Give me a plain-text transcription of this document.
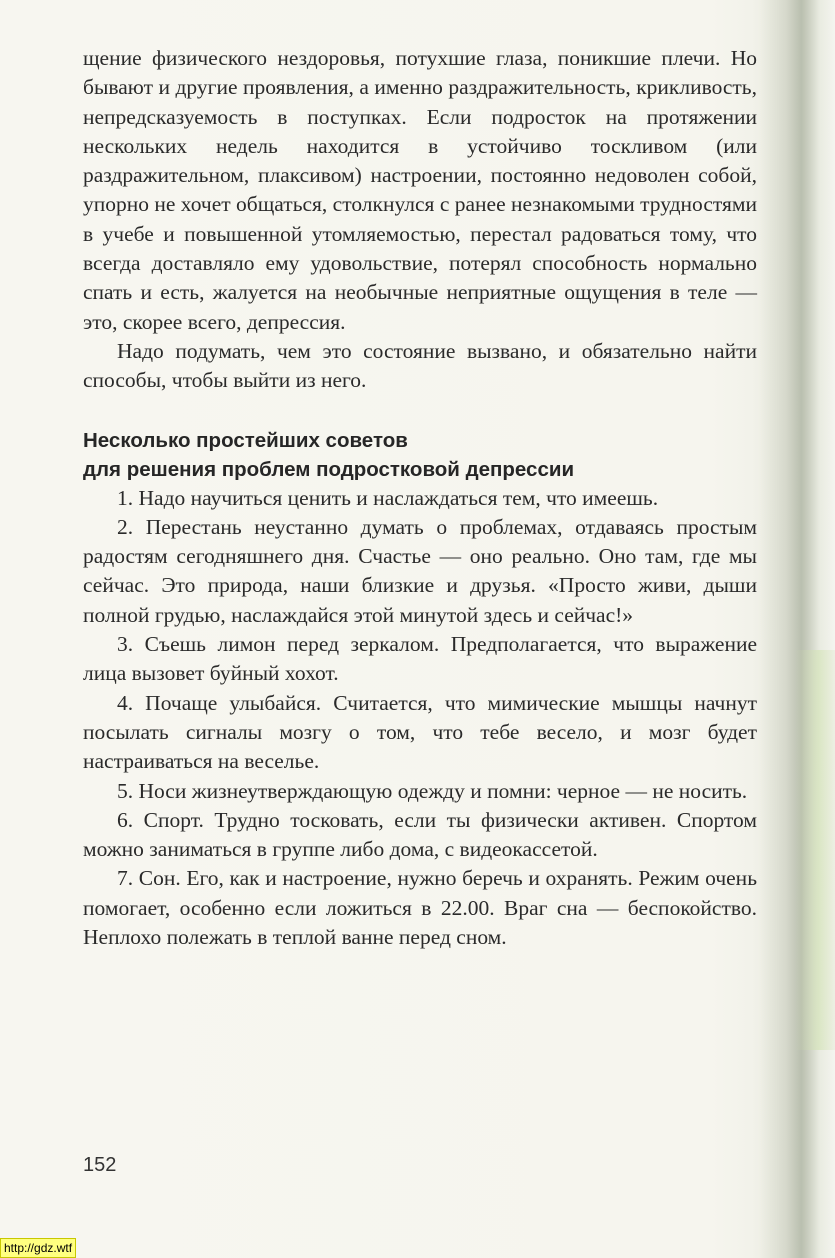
щение физического нездоровья, потухшие глаза, поникшие плечи. Но бывают и другие проявления, а именно раздражительность, крикливость, непредсказуемость в поступках. Если подросток на протяжении нескольких недель находится в устойчиво тоскливом (или раздражительном, плаксивом) настроении, постоянно недоволен собой, упорно не хочет общаться, столкнулся с ранее незнакомыми трудностями в учебе и повышенной утомляемостью, перестал радоваться тому, что всегда доставляло ему удовольствие, потерял способность нормально спать и есть, жалуется на необычные неприятные ощущения в теле — это, скорее всего, депрессия.

Надо подумать, чем это состояние вызвано, и обязательно найти способы, чтобы выйти из него.

Несколько простейших советов

для решения проблем подростковой депрессии

1. Надо научиться ценить и наслаждаться тем, что имеешь.

2. Перестань неустанно думать о проблемах, отдаваясь простым радостям сегодняшнего дня. Счастье — оно реально. Оно там, где мы сейчас. Это природа, наши близкие и друзья. «Просто живи, дыши полной грудью, наслаждайся этой минутой здесь и сейчас!»

3. Съешь лимон перед зеркалом. Предполагается, что выражение лица вызовет буйный хохот.

4. Почаще улыбайся. Считается, что мимические мышцы начнут посылать сигналы мозгу о том, что тебе весело, и мозг будет настраиваться на веселье.

5. Носи жизнеутверждающую одежду и помни: черное — не носить.

6. Спорт. Трудно тосковать, если ты физически активен. Спортом можно заниматься в группе либо дома, с видеокассетой.

7. Сон. Его, как и настроение, нужно беречь и охранять. Режим очень помогает, особенно если ложиться в 22.00. Враг сна — беспокойство. Неплохо полежать в теплой ванне перед сном.

152
http://gdz.wtf
